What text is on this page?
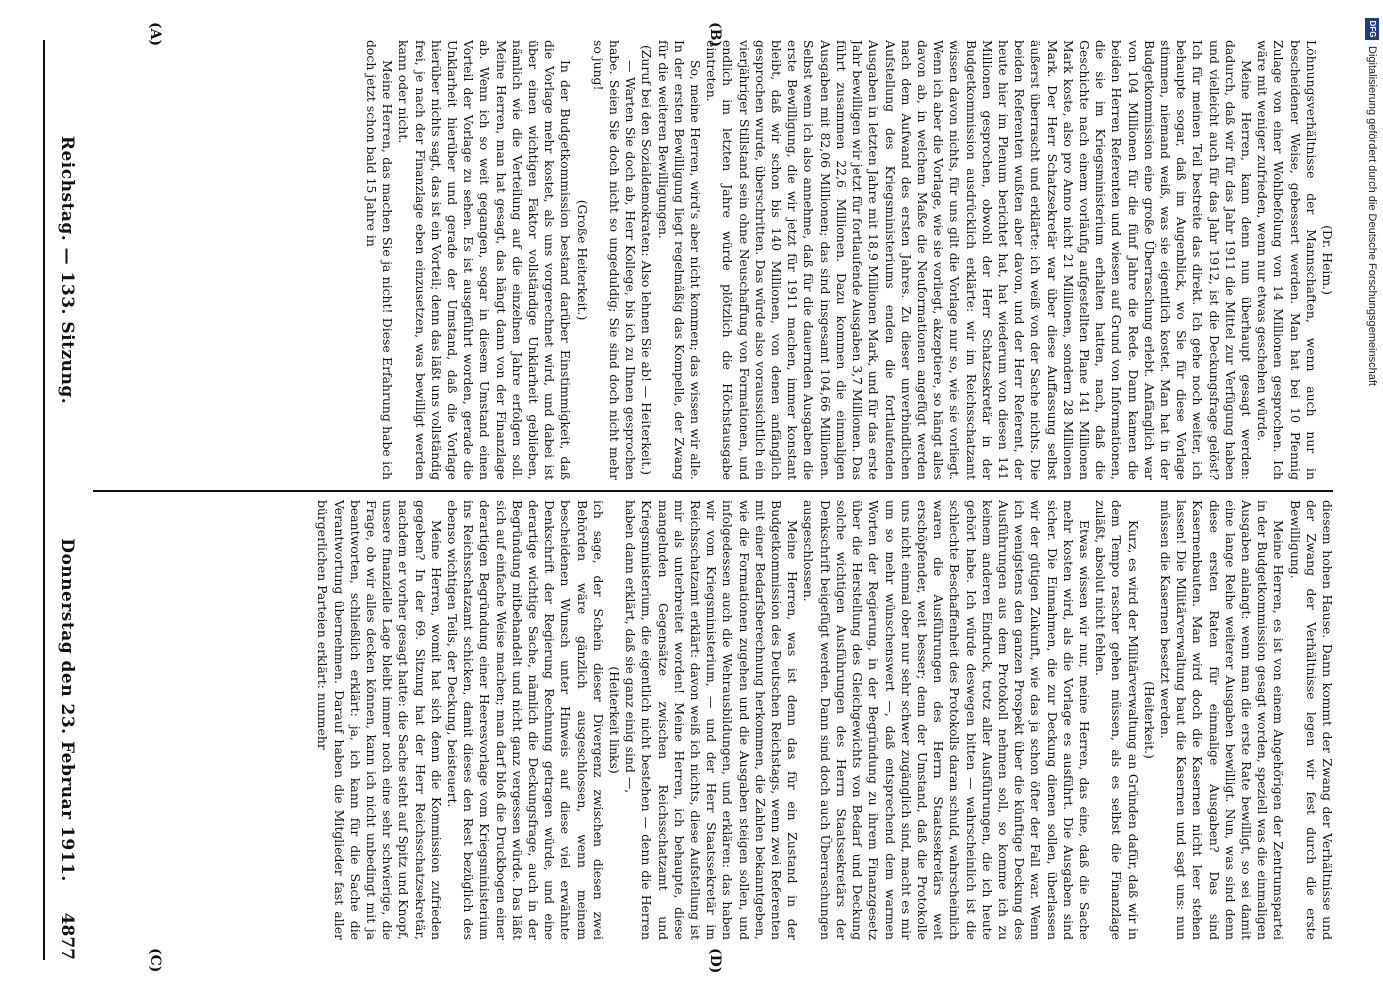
DFGDigitalisierung gefördert durch die Deutsche Forschungsgemeinschaft
Reichstag. — 133. Sitzung.
Donnerstag den 23. Februar 1911.
4877
(A)	(B)
(C)	(D)

(Dr. Heim.)

Löhnungsverhältnisse der Mannschaften, wenn auch nur in bescheidener Weise, gebessert werden. Man hat bei 10 Pfennig Zulage von einer Wohlbefolung von 14 Millionen gesprochen. Ich wäre mit weniger zufrieden, wenn nur etwas geschehen würde.

Meine Herren, kann denn nun überhaupt gesagt werden: dadurch, daß wir für das Jahr 1911 die Mittel zur Verfügung haben und vielleicht auch für das Jahr 1912, ist die Deckungsfrage gelöst? Ich für meinen Teil bestreite das direkt. Ich gehe noch weiter, ich behaupte sogar, daß im Augenblick, wo Sie für diese Vorlage stimmen, niemand weiß, was sie eigentlich kostet. Man hat in der Budgetkommission eine große Überraschung erlebt. Anfänglich war von 104 Millionen für die fünf Jahre die Rede. Dann kamen die beiden Herren Referenten und wiesen auf Grund von Informationen, die sie im Kriegsministerium erhalten hatten, nach, daß die Geschichte nach einem vorläufig aufgestellten Plane 141 Millionen Mark koste, also pro Anno nicht 21 Millionen, sondern 28 Millionen Mark. Der Herr Schatzsekretär war über diese Auffassung selbst äußerst überrascht und erklärte: ich weiß von der Sache nichts. Die beiden Referenten wußten aber davon, und der Herr Referent, der heute hier im Plenum berichtet hat, hat wiederum von diesen 141 Millionen gesprochen, obwohl der Herr Schatzsekretär in der Budgetkommission ausdrücklich erklärte: wir im Reichsschatzamt wissen davon nichts, für uns gilt die Vorlage nur so, wie sie vorliegt. Wenn ich aber die Vorlage, wie sie vorliegt, akzeptiere, so hängt alles davon ab, in welchem Maße die Neuformationen angefügt werden nach dem Aufwand des ersten Jahres. Zu dieser unverbindlichen Aufstellung des Kriegsministeriums enden die fortlaufenden Ausgaben in letzten Jahre mit 18,9 Millionen Mark, und für das erste Jahr bewilligen wir jetzt für fortlaufende Ausgaben 3,7 Millionen. Das führt zusammen 22,6 Millionen. Dazu kommen die einmaligen Ausgaben mit 82,06 Millionen; das sind insgesamt 104,66 Millionen. Selbst wenn ich also annehme, daß für die dauernden Ausgaben die erste Bewilligung, die wir jetzt für 1911 machen, immer konstant bleibt, daß wir schon bis 140 Millionen, von denen anfänglich gesprochen wurde, überschritten. Das würde also voraussichtlich ein vierjähriger Stillstand sein ohne Neuschaffung von Formationen, und endlich im letzten Jahre würde plötzlich die Höchstausgabe eintreten.

So, meine Herren, wird's aber nicht kommen; das wissen wir alle. In der ersten Bewilligung liegt regelmäßig das Kompelle, der Zwang für die weiteren Bewilligungen.

(Zuruf bei den Sozialdemokraten: Also lehnen Sie ab! — Heiterkeit.)

— Warten Sie doch ab, Herr Kollege, bis ich zu Ihnen gesprochen habe. Seien Sie doch nicht so ungeduldig; Sie sind doch nicht mehr so jung!

(Große Heiterkeit.)

In der Budgetkommission bestand darüber Einstimmigkeit, daß die Vorlage mehr kostet, als uns vorgerechnet wird, und dabei ist über einen wichtigen Faktor vollständige Unklarheit geblieben, nämlich wie die Verteilung auf die einzelnen Jahre erfolgen soll. Meine Herren, man hat gesagt, das hängt dann von der Finanzlage ab. Wenn ich so weit gegangen, sogar in diesem Umstand einen Vorteil der Vorlage zu sehen. Es ist ausgeführt worden, gerade die Unklarheit hierüber und gerade der Umstand, daß die Vorlage hierüber nichts sagt, das ist ein Vorteil; denn das läßt uns vollständig frei, je nach der Finanzlage eben einzusetzen, was bewilligt werden kann oder nicht.

Meine Herren, das machen Sie ja nicht! Diese Erfahrung habe ich doch jetzt schon bald 15 Jahre in

diesem hohen Hause. Dann kommt der Zwang der Verhältnisse und der Zwang der Verhältnisse legen wir fest durch die erste Bewilligung.

Meine Herren, es ist von einem Angehörigen der Zentrumspartei in der Budgetkommission gesagt worden, speziell was die einmaligen Ausgaben anlangt: wenn man die erste Rate bewilligt, so sei damit eine lange Reihe weiterer Ausgaben bewilligt. Nun, was sind denn diese ersten Raten für einmalige Ausgaben? Das sind Kasernenbauten. Man wird doch die Kasernen nicht leer stehen lassen! Die Militärverwaltung baut die Kasernen und sagt uns: nun müssen die Kasernen besetzt werden.

(Heiterkeit.)

Kurz, es wird der Militärverwaltung an Gründen dafür, daß wir in dem Tempo rascher gehen müssen, als es selbst die Finanzlage zuläßt, absolut nicht fehlen.

Etwas wissen wir nur, meine Herren, das eine, daß die Sache mehr kosten wird, als die Vorlage es ausführt. Die Ausgaben sind sicher. Die Einnahmen, die zur Deckung dienen sollen, überlassen wir der gütigen Zukunft, wie das ja schon öfter der Fall war. Wenn ich wenigstens den ganzen Prospekt über die künftige Deckung des Ausführungen aus dem Protokoll nehmen soll, so komme ich zu keinem anderen Eindruck, trotz aller Ausführungen, die ich heute gehört habe. Ich würde deswegen bitten — wahrscheinlich ist die schlechte Beschaffenheit des Protokolls daran schuld, wahrscheinlich waren die Ausführungen des Herrn Staatssekretärs weit erschöpfender, weit besser; denn der Umstand, daß die Protokolle uns nicht einmal ober nur sehr schwer zugänglich sind, macht es mir um so mehr wünschenswert —, daß entsprechend dem warmen Worten der Regierung, in der Begründung zu ihrem Finanzgesetz über die Herstellung des Gleichgewichts von Bedarf und Deckung solche wichtigen Ausführungen des Herrn Staatssekretärs der Denkschrift beigefügt werden. Dann sind doch auch Überraschungen ausgeschlossen.

Meine Herren, was ist denn das für ein Zustand in der Budgetkommission des Deutschen Reichstags, wenn zwei Referenten mit einer Bedarfsberechnung herkommen, die Zahlen bekanntgeben, wie die Formationen zugehen und die Ausgaben steigen sollen, und infolgedessen auch die Wehrausbildungen, und erklären: das haben wir vom Kriegsministerium, — und der Herr Staatssekretär im Reichsschatzamt erklärt: davon weiß ich nichts, diese Aufstellung ist mir als unterbreitet worden! Meine Herren, ich behaupte, diese mangelnden Gegensätze zwischen Reichsschatzamt und Kriegsministerium, die eigentlich nicht bestehen — denn die Herren haben dann erklärt, daß sie ganz einig sind —,

(Heiterkeit links)

ich sage, der Schein dieser Divergenz zwischen diesen zwei Behörden wäre gänzlich ausgeschlossen, wenn meinem bescheidenen Wunsch unter Hinweis auf diese viel erwähnte Denkschrift der Regierung Rechnung getragen würde, und eine derartige wichtige Sache, nämlich die Deckungsfrage, auch in der Begründung mitbehandelt und nicht ganz vergessen würde. Das läßt sich auf einfache Weise machen; man darf bloß die Druckbogen einer derartigen Begründung einer Heeresvorlage vom Kriegsministerium ins Reichsschatzamt schicken, damit dieses den Rest bezüglich des ebenso wichtigen Teils, der Deckung, beisteuert.

Meine Herren, womit hat sich denn die Kommission zufrieden gegeben? In der 69. Sitzung hat der Herr Reichsschatzsekretär, nachdem er vorher gesagt hatte: die Sache steht auf Spitz und Knopf, unsere finanzielle Lage bleibt immer noch eine sehr schwierige, die Frage, ob wir alles decken können, kann ich nicht unbedingt mit ja beantworten, schließlich erklärt: ja, ich kann für die Sache die Verantwortung übernehmen. Darauf haben die Mitglieder fast aller bürgerlichen Parteien erklärt: nunmehr
